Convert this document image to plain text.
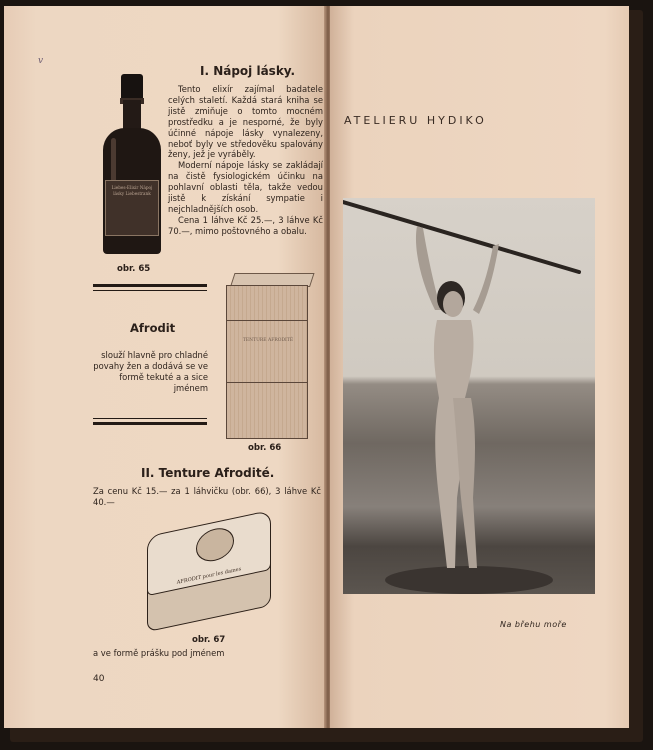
v
Liebes-Elixir Nápoj lásky Liebestrank
I. Nápoj lásky.

Tento elixír zajímal badatele celých staletí. Každá stará kniha se jistě zmiňuje o tomto mocném prostředku a je nesporné, že byly účinné nápoje lásky vynalezeny, neboť byly ve středověku spalovány ženy, jež je vyráběly.

Moderní nápoje lásky se zakládají na čistě fysiologickém účinku na pohlavní oblasti těla, takže vedou jistě k získání sympatie i nejchladnějších osob.

Cena 1 láhve Kč 25.—, 3 láhve Kč 70.—, mimo poštovného a obalu.

obr. 65
Afrodit
slouží hlavně pro chladné povahy žen a dodává se ve formě tekuté a a sice jménem
TENTURE AFRODITÉ
obr. 66
II. Tenture Afrodité.
Za cenu Kč 15.— za 1 láhvičku (obr. 66), 3 láhve Kč 40.—
AFRODIT pour les dames
obr. 67
a ve formě prášku pod jménem
40
ATELIERU HYDIKO
Na břehu moře
